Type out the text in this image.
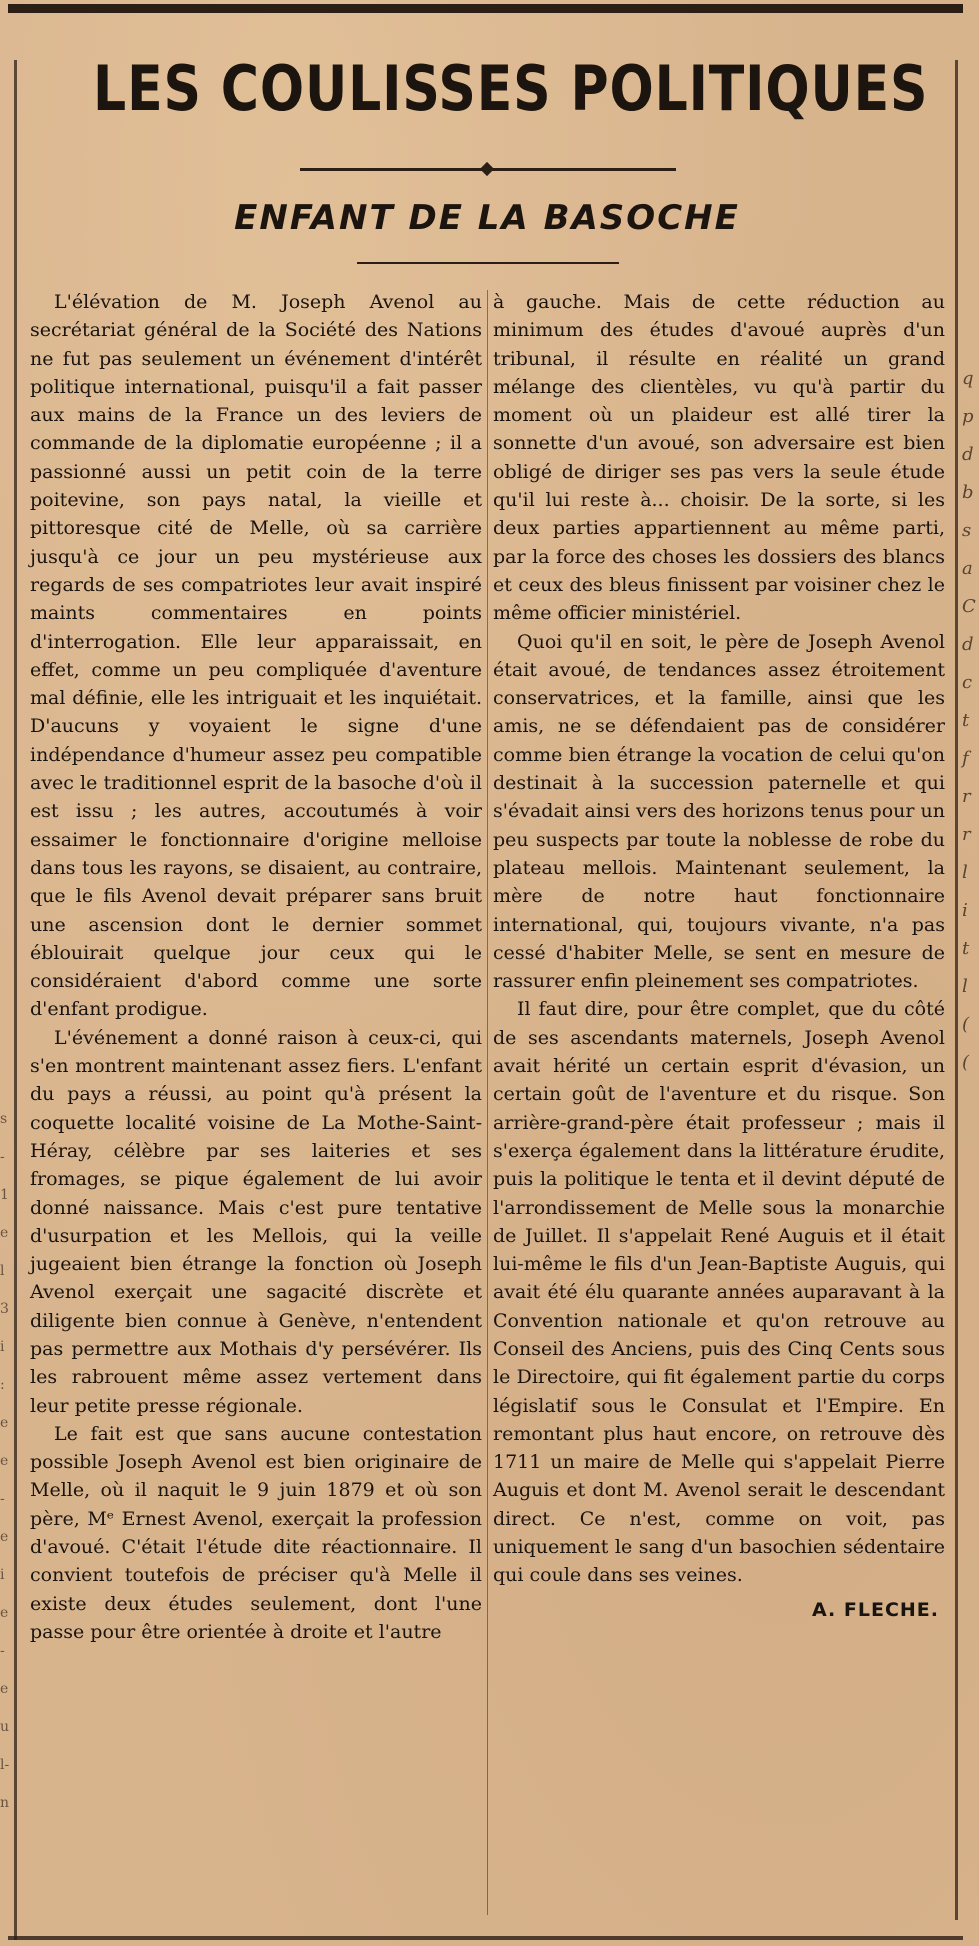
LES COULISSES POLITIQUES
ENFANT DE LA BASOCHE

L'élévation de M. Joseph Avenol au secrétariat général de la Société des Nations ne fut pas seulement un événement d'intérêt politique international, puisqu'il a fait passer aux mains de la France un des leviers de commande de la diplomatie européenne ; il a passionné aussi un petit coin de la terre poitevine, son pays natal, la vieille et pittoresque cité de Melle, où sa carrière jusqu'à ce jour un peu mystérieuse aux regards de ses compatriotes leur avait inspiré maints commentaires en points d'interrogation. Elle leur apparaissait, en effet, comme un peu compliquée d'aventure mal définie, elle les intriguait et les inquiétait. D'aucuns y voyaient le signe d'une indépendance d'humeur assez peu compatible avec le traditionnel esprit de la basoche d'où il est issu ; les autres, accoutumés à voir essaimer le fonctionnaire d'origine melloise dans tous les rayons, se disaient, au contraire, que le fils Avenol devait préparer sans bruit une ascension dont le dernier sommet éblouirait quelque jour ceux qui le considéraient d'abord comme une sorte d'enfant prodigue.

L'événement a donné raison à ceux-ci, qui s'en montrent maintenant assez fiers. L'enfant du pays a réussi, au point qu'à présent la coquette localité voisine de La Mothe-Saint-Héray, célèbre par ses laiteries et ses fromages, se pique également de lui avoir donné naissance. Mais c'est pure tentative d'usurpation et les Mellois, qui la veille jugeaient bien étrange la fonction où Joseph Avenol exerçait une sagacité discrète et diligente bien connue à Genève, n'entendent pas permettre aux Mothais d'y persévérer. Ils les rabrouent même assez vertement dans leur petite presse régionale.

Le fait est que sans aucune contestation possible Joseph Avenol est bien originaire de Melle, où il naquit le 9 juin 1879 et où son père, Mᵉ Ernest Avenol, exerçait la profession d'avoué. C'était l'étude dite réactionnaire. Il convient toutefois de préciser qu'à Melle il existe deux études seulement, dont l'une passe pour être orientée à droite et l'autre

à gauche. Mais de cette réduction au minimum des études d'avoué auprès d'un tribunal, il résulte en réalité un grand mélange des clientèles, vu qu'à partir du moment où un plaideur est allé tirer la sonnette d'un avoué, son adversaire est bien obligé de diriger ses pas vers la seule étude qu'il lui reste à... choisir. De la sorte, si les deux parties appartiennent au même parti, par la force des choses les dossiers des blancs et ceux des bleus finissent par voisiner chez le même officier ministériel.

Quoi qu'il en soit, le père de Joseph Avenol était avoué, de tendances assez étroitement conservatrices, et la famille, ainsi que les amis, ne se défendaient pas de considérer comme bien étrange la vocation de celui qu'on destinait à la succession paternelle et qui s'évadait ainsi vers des horizons tenus pour un peu suspects par toute la noblesse de robe du plateau mellois. Maintenant seulement, la mère de notre haut fonctionnaire international, qui, toujours vivante, n'a pas cessé d'habiter Melle, se sent en mesure de rassurer enfin pleinement ses compatriotes.

Il faut dire, pour être complet, que du côté de ses ascendants maternels, Joseph Avenol avait hérité un certain esprit d'évasion, un certain goût de l'aventure et du risque. Son arrière-grand-père était professeur ; mais il s'exerça également dans la littérature érudite, puis la politique le tenta et il devint député de l'arrondissement de Melle sous la monarchie de Juillet. Il s'appelait René Auguis et il était lui-même le fils d'un Jean-Baptiste Auguis, qui avait été élu quarante années auparavant à la Convention nationale et qu'on retrouve au Conseil des Anciens, puis des Cinq Cents sous le Directoire, qui fit également partie du corps législatif sous le Consulat et l'Empire. En remontant plus haut encore, on retrouve dès 1711 un maire de Melle qui s'appelait Pierre Auguis et dont M. Avenol serait le descendant direct. Ce n'est, comme on voit, pas uniquement le sang d'un basochien sédentaire qui coule dans ses veines.

A. FLECHE.
s
-
1
e
l
3
i
:
e
e
-
e
i
e
-
e
u
l-
n
q
p
d
b
s
a
C
d
c
t
f
r
r
l
i
t
l
(
(
